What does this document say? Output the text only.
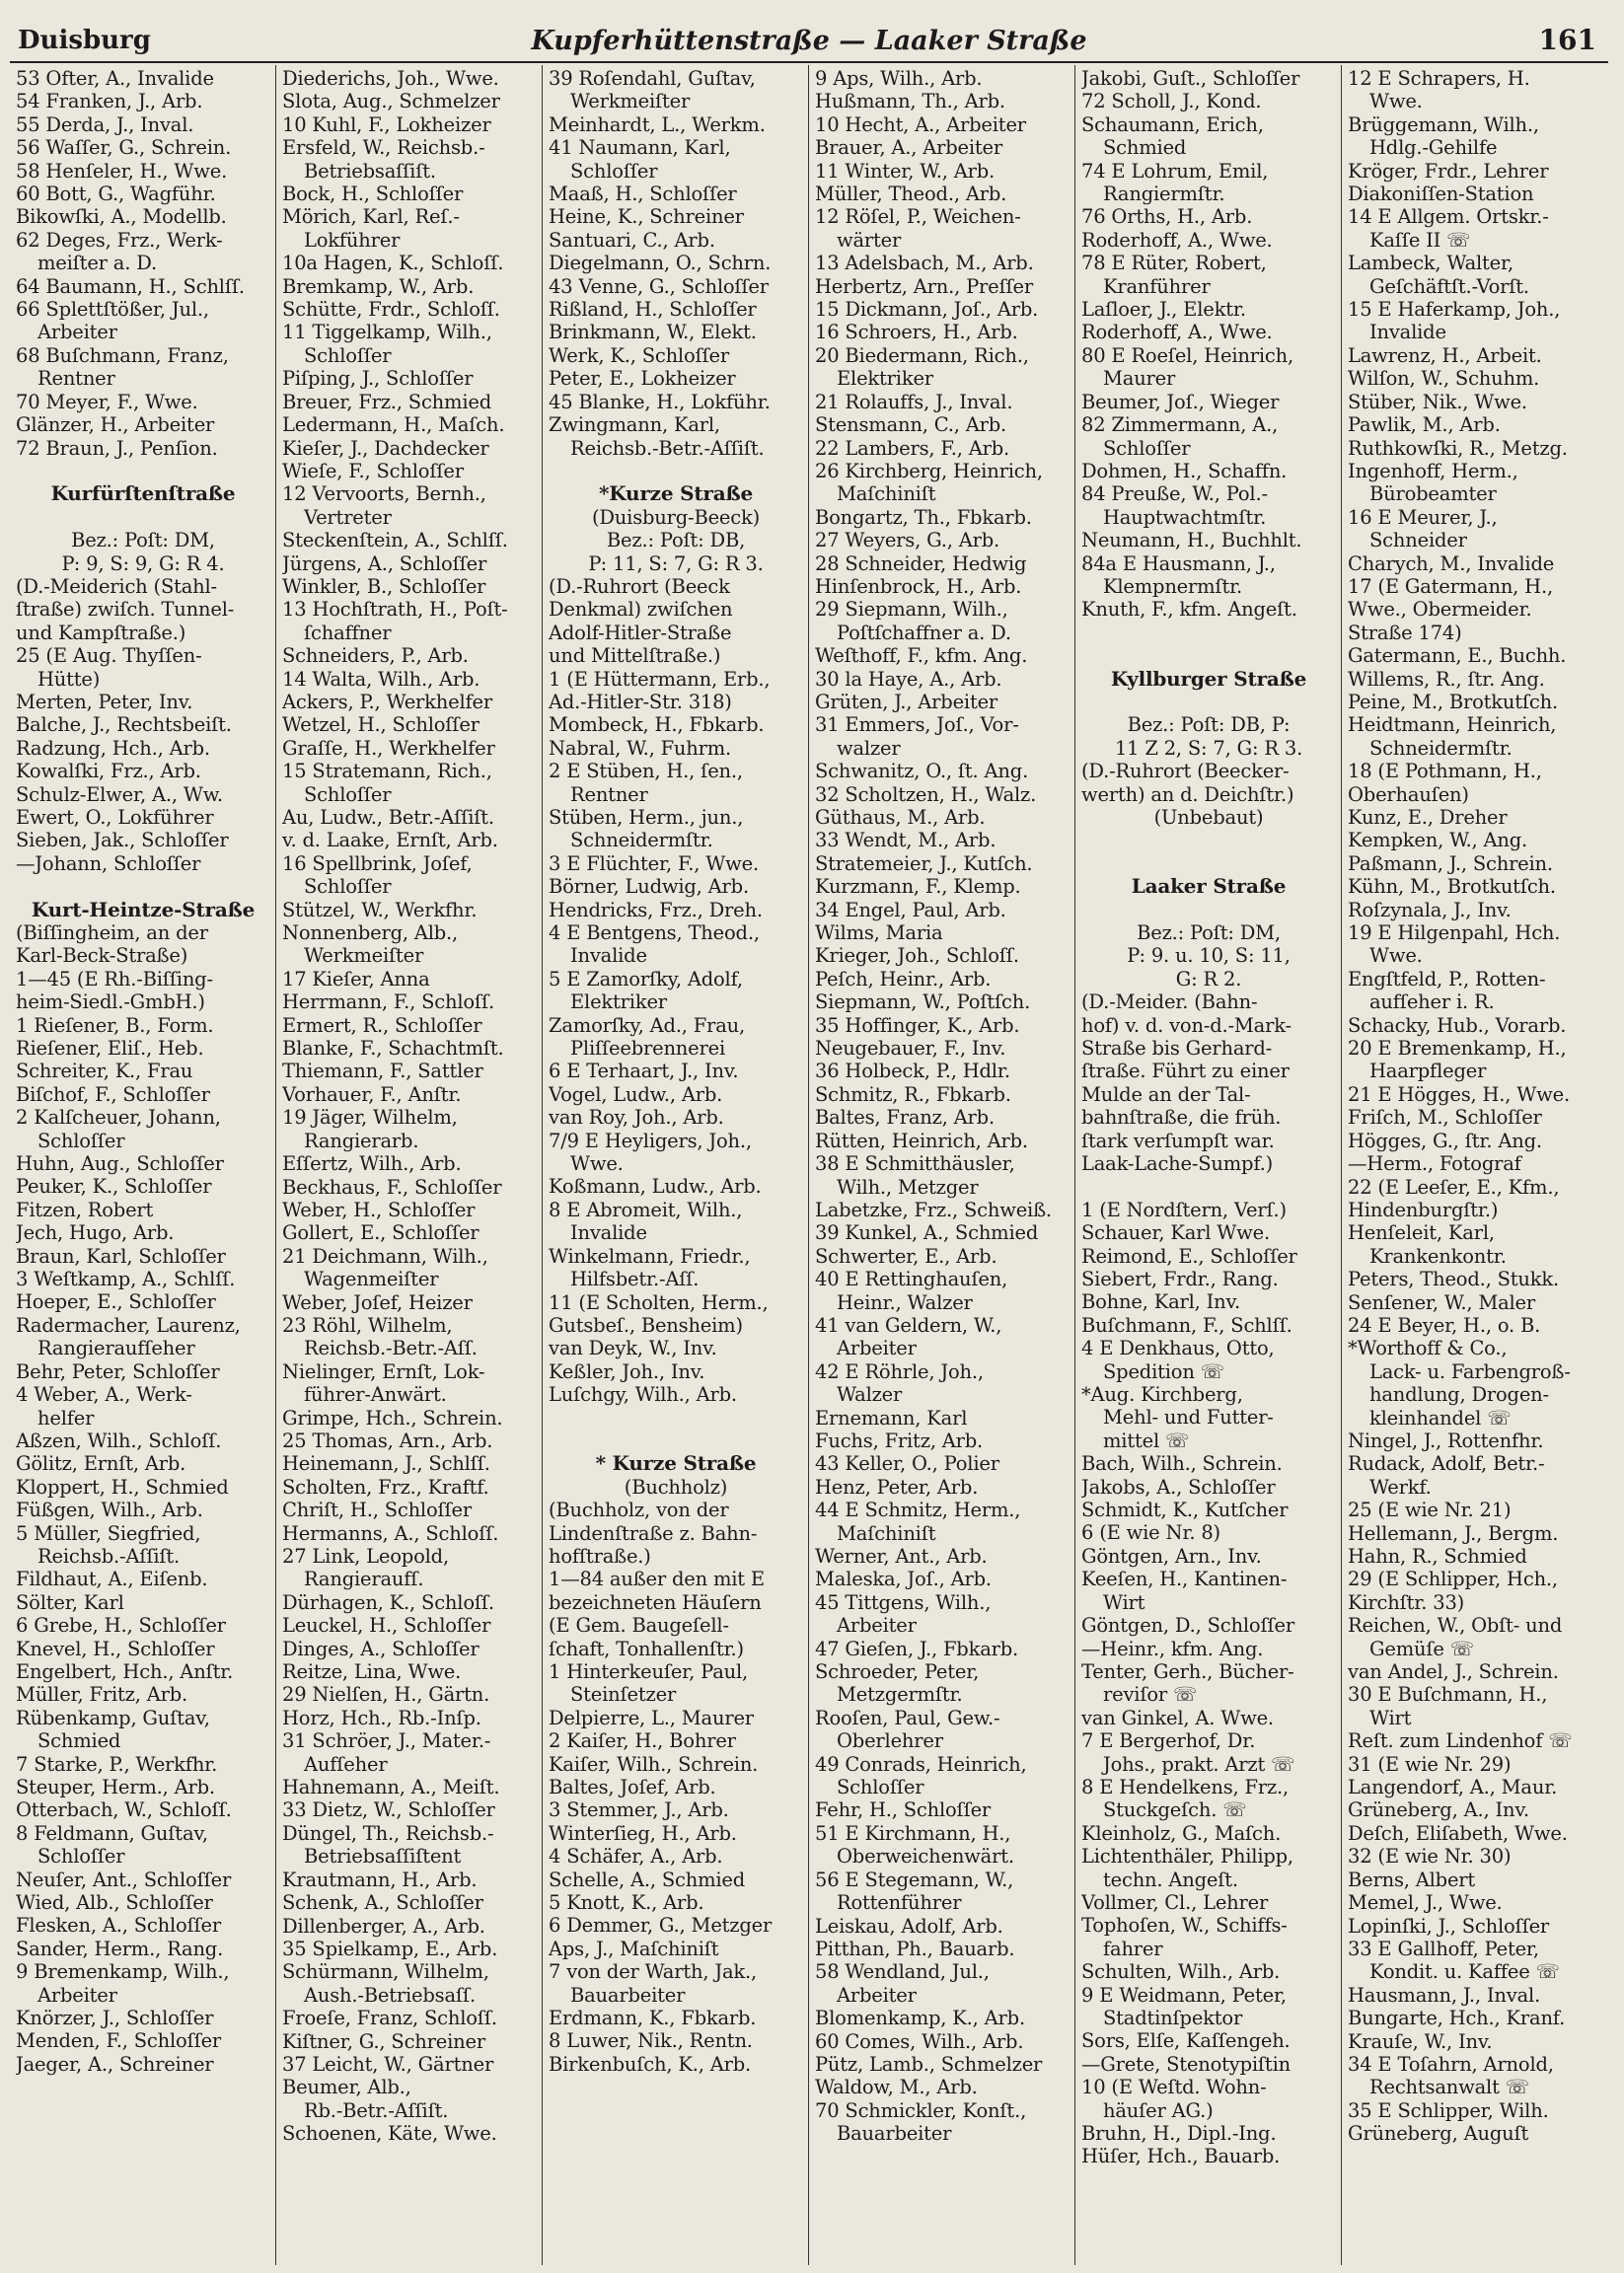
Duisburg	Kupferhüttenstraße — Laaker Straße	161
53 Ofter, A., Invalide
54 Franken, J., Arb.
55 Derda, J., Inval.
56 Waſſer, G., Schrein.
58 Henſeler, H., Wwe.
60 Bott, G., Wagführ.
Bikowſki, A., Modellb.
62 Deges, Frz., Werk-
meiſter a. D.
64 Baumann, H., Schlſſ.
66 Splettſtößer, Jul.,
Arbeiter
68 Buſchmann, Franz,
Rentner
70 Meyer, F., Wwe.
Glänzer, H., Arbeiter
72 Braun, J., Penſion.
Kurfürſtenſtraße
Bez.: Poſt: DM,
P: 9, S: 9, G: R 4.
(D.-Meiderich (Stahl-
ſtraße) zwiſch. Tunnel-
und Kampſtraße.)
25 (E Aug. Thyſſen-
Hütte)
Merten, Peter, Inv.
Balche, J., Rechtsbeiſt.
Radzung, Hch., Arb.
Kowalſki, Frz., Arb.
Schulz-Elwer, A., Ww.
Ewert, O., Lokführer
Sieben, Jak., Schloſſer
—Johann, Schloſſer
Kurt-Heintze-Straße
(Biſſingheim, an der
Karl-Beck-Straße)
1—45 (E Rh.-Biſſing-
heim-Siedl.-GmbH.)
1 Rieſener, B., Form.
Rieſener, Eliſ., Heb.
Schreiter, K., Frau
Biſchof, F., Schloſſer
2 Kalſcheuer, Johann,
Schloſſer
Huhn, Aug., Schloſſer
Peuker, K., Schloſſer
Fitzen, Robert
Jech, Hugo, Arb.
Braun, Karl, Schloſſer
3 Weſtkamp, A., Schlſſ.
Hoeper, E., Schloſſer
Radermacher, Laurenz,
Rangieraufſeher
Behr, Peter, Schloſſer
4 Weber, A., Werk-
helfer
Aßzen, Wilh., Schloſſ.
Gölitz, Ernſt, Arb.
Kloppert, H., Schmied
Füßgen, Wilh., Arb.
5 Müller, Siegfried,
Reichsb.-Aſſiſt.
Fildhaut, A., Eiſenb.
Sölter, Karl
6 Grebe, H., Schloſſer
Knevel, H., Schloſſer
Engelbert, Hch., Anſtr.
Müller, Fritz, Arb.
Rübenkamp, Guſtav,
Schmied
7 Starke, P., Werkfhr.
Steuper, Herm., Arb.
Otterbach, W., Schloſſ.
8 Feldmann, Guſtav,
Schloſſer
Neuſer, Ant., Schloſſer
Wied, Alb., Schloſſer
Flesken, A., Schloſſer
Sander, Herm., Rang.
9 Bremenkamp, Wilh.,
Arbeiter
Knörzer, J., Schloſſer
Menden, F., Schloſſer
Jaeger, A., Schreiner
Diederichs, Joh., Wwe.
Slota, Aug., Schmelzer
10 Kuhl, F., Lokheizer
Ersfeld, W., Reichsb.-
Betriebsaſſiſt.
Bock, H., Schloſſer
Mörich, Karl, Reſ.-
Lokführer
10a Hagen, K., Schloſſ.
Bremkamp, W., Arb.
Schütte, Frdr., Schloſſ.
11 Tiggelkamp, Wilh.,
Schloſſer
Piſping, J., Schloſſer
Breuer, Frz., Schmied
Ledermann, H., Maſch.
Kieſer, J., Dachdecker
Wieſe, F., Schloſſer
12 Vervoorts, Bernh.,
Vertreter
Steckenſtein, A., Schlſſ.
Jürgens, A., Schloſſer
Winkler, B., Schloſſer
13 Hochſtrath, H., Poſt-
ſchaffner
Schneiders, P., Arb.
14 Walta, Wilh., Arb.
Ackers, P., Werkhelfer
Wetzel, H., Schloſſer
Graſſe, H., Werkhelfer
15 Stratemann, Rich.,
Schloſſer
Au, Ludw., Betr.-Aſſiſt.
v. d. Laake, Ernſt, Arb.
16 Spellbrink, Joſef,
Schloſſer
Stützel, W., Werkfhr.
Nonnenberg, Alb.,
Werkmeiſter
17 Kieſer, Anna
Herrmann, F., Schloſſ.
Ermert, R., Schloſſer
Blanke, F., Schachtmſt.
Thiemann, F., Sattler
Vorhauer, F., Anſtr.
19 Jäger, Wilhelm,
Rangierarb.
Eſſertz, Wilh., Arb.
Beckhaus, F., Schloſſer
Weber, H., Schloſſer
Gollert, E., Schloſſer
21 Deichmann, Wilh.,
Wagenmeiſter
Weber, Joſef, Heizer
23 Röhl, Wilhelm,
Reichsb.-Betr.-Aſſ.
Nielinger, Ernſt, Lok-
führer-Anwärt.
Grimpe, Hch., Schrein.
25 Thomas, Arn., Arb.
Heinemann, J., Schlſſ.
Scholten, Frz., Kraftf.
Chriſt, H., Schloſſer
Hermanns, A., Schloſſ.
27 Link, Leopold,
Rangieraufſ.
Dürhagen, K., Schloſſ.
Leuckel, H., Schloſſer
Dinges, A., Schloſſer
Reitze, Lina, Wwe.
29 Nielſen, H., Gärtn.
Horz, Hch., Rb.-Inſp.
31 Schröer, J., Mater.-
Aufſeher
Hahnemann, A., Meiſt.
33 Dietz, W., Schloſſer
Düngel, Th., Reichsb.-
Betriebsaſſiſtent
Krautmann, H., Arb.
Schenk, A., Schloſſer
Dillenberger, A., Arb.
35 Spielkamp, E., Arb.
Schürmann, Wilhelm,
Aush.-Betriebsaſſ.
Froeſe, Franz, Schloſſ.
Kiſtner, G., Schreiner
37 Leicht, W., Gärtner
Beumer, Alb.,
Rb.-Betr.-Aſſiſt.
Schoenen, Käte, Wwe.
39 Roſendahl, Guſtav,
Werkmeiſter
Meinhardt, L., Werkm.
41 Naumann, Karl,
Schloſſer
Maaß, H., Schloſſer
Heine, K., Schreiner
Santuari, C., Arb.
Diegelmann, O., Schrn.
43 Venne, G., Schloſſer
Rißland, H., Schloſſer
Brinkmann, W., Elekt.
Werk, K., Schloſſer
Peter, E., Lokheizer
45 Blanke, H., Lokführ.
Zwingmann, Karl,
Reichsb.-Betr.-Aſſiſt.
*Kurze Straße
(Duisburg-Beeck)
Bez.: Poſt: DB,
P: 11, S: 7, G: R 3.
(D.-Ruhrort (Beeck
Denkmal) zwiſchen
Adolf-Hitler-Straße
und Mittelſtraße.)
1 (E Hüttermann, Erb.,
Ad.-Hitler-Str. 318)
Mombeck, H., Fbkarb.
Nabral, W., Fuhrm.
2 E Stüben, H., ſen.,
Rentner
Stüben, Herm., jun.,
Schneidermſtr.
3 E Flüchter, F., Wwe.
Börner, Ludwig, Arb.
Hendricks, Frz., Dreh.
4 E Bentgens, Theod.,
Invalide
5 E Zamorſky, Adolf,
Elektriker
Zamorſky, Ad., Frau,
Pliſſeebrennerei
6 E Terhaart, J., Inv.
Vogel, Ludw., Arb.
van Roy, Joh., Arb.
7/9 E Heyligers, Joh.,
Wwe.
Koßmann, Ludw., Arb.
8 E Abromeit, Wilh.,
Invalide
Winkelmann, Friedr.,
Hilfsbetr.-Aſſ.
11 (E Scholten, Herm.,
Gutsbeſ., Bensheim)
van Deyk, W., Inv.
Keßler, Joh., Inv.
Luſchgy, Wilh., Arb.
* Kurze Straße
(Buchholz)
(Buchholz, von der
Lindenſtraße z. Bahn-
hofſtraße.)
1—84 außer den mit E
bezeichneten Häuſern
(E Gem. Baugeſell-
ſchaft, Tonhallenſtr.)
1 Hinterkeuſer, Paul,
Steinſetzer
Delpierre, L., Maurer
2 Kaiſer, H., Bohrer
Kaiſer, Wilh., Schrein.
Baltes, Joſef, Arb.
3 Stemmer, J., Arb.
Winterſieg, H., Arb.
4 Schäfer, A., Arb.
Schelle, A., Schmied
5 Knott, K., Arb.
6 Demmer, G., Metzger
Aps, J., Maſchiniſt
7 von der Warth, Jak.,
Bauarbeiter
Erdmann, K., Fbkarb.
8 Luwer, Nik., Rentn.
Birkenbuſch, K., Arb.
9 Aps, Wilh., Arb.
Hußmann, Th., Arb.
10 Hecht, A., Arbeiter
Brauer, A., Arbeiter
11 Winter, W., Arb.
Müller, Theod., Arb.
12 Röſel, P., Weichen-
wärter
13 Adelsbach, M., Arb.
Herbertz, Arn., Preſſer
15 Dickmann, Joſ., Arb.
16 Schroers, H., Arb.
20 Biedermann, Rich.,
Elektriker
21 Rolauffs, J., Inval.
Stensmann, C., Arb.
22 Lambers, F., Arb.
26 Kirchberg, Heinrich,
Maſchiniſt
Bongartz, Th., Fbkarb.
27 Weyers, G., Arb.
28 Schneider, Hedwig
Hinſenbrock, H., Arb.
29 Siepmann, Wilh.,
Poſtſchaffner a. D.
Weſthoff, F., kfm. Ang.
30 la Haye, A., Arb.
Grüten, J., Arbeiter
31 Emmers, Joſ., Vor-
walzer
Schwanitz, O., ſt. Ang.
32 Scholtzen, H., Walz.
Güthaus, M., Arb.
33 Wendt, M., Arb.
Stratemeier, J., Kutſch.
Kurzmann, F., Klemp.
34 Engel, Paul, Arb.
Wilms, Maria
Krieger, Joh., Schloſſ.
Peſch, Heinr., Arb.
Siepmann, W., Poſtſch.
35 Hoffinger, K., Arb.
Neugebauer, F., Inv.
36 Holbeck, P., Hdlr.
Schmitz, R., Fbkarb.
Baltes, Franz, Arb.
Rütten, Heinrich, Arb.
38 E Schmitthäusler,
Wilh., Metzger
Labetzke, Frz., Schweiß.
39 Kunkel, A., Schmied
Schwerter, E., Arb.
40 E Rettinghauſen,
Heinr., Walzer
41 van Geldern, W.,
Arbeiter
42 E Röhrle, Joh.,
Walzer
Ernemann, Karl
Fuchs, Fritz, Arb.
43 Keller, O., Polier
Henz, Peter, Arb.
44 E Schmitz, Herm.,
Maſchiniſt
Werner, Ant., Arb.
Maleska, Joſ., Arb.
45 Tittgens, Wilh.,
Arbeiter
47 Gieſen, J., Fbkarb.
Schroeder, Peter,
Metzgermſtr.
Rooſen, Paul, Gew.-
Oberlehrer
49 Conrads, Heinrich,
Schloſſer
Fehr, H., Schloſſer
51 E Kirchmann, H.,
Oberweichenwärt.
56 E Stegemann, W.,
Rottenführer
Leiskau, Adolf, Arb.
Pitthan, Ph., Bauarb.
58 Wendland, Jul.,
Arbeiter
Blomenkamp, K., Arb.
60 Comes, Wilh., Arb.
Pütz, Lamb., Schmelzer
Waldow, M., Arb.
70 Schmickler, Konſt.,
Bauarbeiter
Jakobi, Guſt., Schloſſer
72 Scholl, J., Kond.
Schaumann, Erich,
Schmied
74 E Lohrum, Emil,
Rangiermſtr.
76 Orths, H., Arb.
Roderhoff, A., Wwe.
78 E Rüter, Robert,
Kranführer
Laſloer, J., Elektr.
Roderhoff, A., Wwe.
80 E Roeſel, Heinrich,
Maurer
Beumer, Joſ., Wieger
82 Zimmermann, A.,
Schloſſer
Dohmen, H., Schaffn.
84 Preuße, W., Pol.-
Hauptwachtmſtr.
Neumann, H., Buchhlt.
84a E Hausmann, J.,
Klempnermſtr.
Knuth, F., kfm. Angeſt.
Kyllburger Straße
Bez.: Poſt: DB, P:
11 Z 2, S: 7, G: R 3.
(D.-Ruhrort (Beecker-
werth) an d. Deichſtr.)
(Unbebaut)
Laaker Straße
Bez.: Poſt: DM,
P: 9. u. 10, S: 11,
G: R 2.
(D.-Meider. (Bahn-
hof) v. d. von-d.-Mark-
Straße bis Gerhard-
ſtraße. Führt zu einer
Mulde an der Tal-
bahnſtraße, die früh.
ſtark verſumpſt war.
Laak-Lache-Sumpf.)
1 (E Nordſtern, Verſ.)
Schauer, Karl Wwe.
Reimond, E., Schloſſer
Siebert, Frdr., Rang.
Bohne, Karl, Inv.
Buſchmann, F., Schlſſ.
4 E Denkhaus, Otto,
Spedition ☏
*Aug. Kirchberg,
Mehl- und Futter-
mittel ☏
Bach, Wilh., Schrein.
Jakobs, A., Schloſſer
Schmidt, K., Kutſcher
6 (E wie Nr. 8)
Göntgen, Arn., Inv.
Keeſen, H., Kantinen-
Wirt
Göntgen, D., Schloſſer
—Heinr., kfm. Ang.
Tenter, Gerh., Bücher-
reviſor ☏
van Ginkel, A. Wwe.
7 E Bergerhof, Dr.
Johs., prakt. Arzt ☏
8 E Hendelkens, Frz.,
Stuckgeſch. ☏
Kleinholz, G., Maſch.
Lichtenthäler, Philipp,
techn. Angeſt.
Vollmer, Cl., Lehrer
Tophoſen, W., Schiffs-
fahrer
Schulten, Wilh., Arb.
9 E Weidmann, Peter,
Stadtinſpektor
Sors, Elſe, Kaſſengeh.
—Grete, Stenotypiſtin
10 (E Weſtd. Wohn-
häuſer AG.)
Bruhn, H., Dipl.-Ing.
Hüſer, Hch., Bauarb.
12 E Schrapers, H.
Wwe.
Brüggemann, Wilh.,
Hdlg.-Gehilfe
Kröger, Frdr., Lehrer
Diakoniſſen-Station
14 E Allgem. Ortskr.-
Kaſſe II ☏
Lambeck, Walter,
Geſchäftſt.-Vorſt.
15 E Haferkamp, Joh.,
Invalide
Lawrenz, H., Arbeit.
Wilſon, W., Schuhm.
Stüber, Nik., Wwe.
Pawlik, M., Arb.
Ruthkowſki, R., Metzg.
Ingenhoff, Herm.,
Bürobeamter
16 E Meurer, J.,
Schneider
Charych, M., Invalide
17 (E Gatermann, H.,
Wwe., Obermeider.
Straße 174)
Gatermann, E., Buchh.
Willems, R., ſtr. Ang.
Peine, M., Brotkutſch.
Heidtmann, Heinrich,
Schneidermſtr.
18 (E Pothmann, H.,
Oberhauſen)
Kunz, E., Dreher
Kempken, W., Ang.
Paßmann, J., Schrein.
Kühn, M., Brotkutſch.
Roſzynala, J., Inv.
19 E Hilgenpahl, Hch.
Wwe.
Engſtfeld, P., Rotten-
aufſeher i. R.
Schacky, Hub., Vorarb.
20 E Bremenkamp, H.,
Haarpfleger
21 E Högges, H., Wwe.
Friſch, M., Schloſſer
Högges, G., ſtr. Ang.
—Herm., Fotograf
22 (E Leeſer, E., Kfm.,
Hindenburgſtr.)
Henſeleit, Karl,
Krankenkontr.
Peters, Theod., Stukk.
Senſener, W., Maler
24 E Beyer, H., o. B.
*Worthoff & Co.,
Lack- u. Farbengroß-
handlung, Drogen-
kleinhandel ☏
Ningel, J., Rottenfhr.
Rudack, Adolf, Betr.-
Werkf.
25 (E wie Nr. 21)
Hellemann, J., Bergm.
Hahn, R., Schmied
29 (E Schlipper, Hch.,
Kirchſtr. 33)
Reichen, W., Obſt- und
Gemüſe ☏
van Andel, J., Schrein.
30 E Buſchmann, H.,
Wirt
Reſt. zum Lindenhof ☏
31 (E wie Nr. 29)
Langendorf, A., Maur.
Grüneberg, A., Inv.
Deſch, Eliſabeth, Wwe.
32 (E wie Nr. 30)
Berns, Albert
Memel, J., Wwe.
Lopinſki, J., Schloſſer
33 E Gallhoff, Peter,
Kondit. u. Kaffee ☏
Hausmann, J., Inval.
Bungarte, Hch., Kranf.
Krauſe, W., Inv.
34 E Toſahrn, Arnold,
Rechtsanwalt ☏
35 E Schlipper, Wilh.
Grüneberg, Auguſt
